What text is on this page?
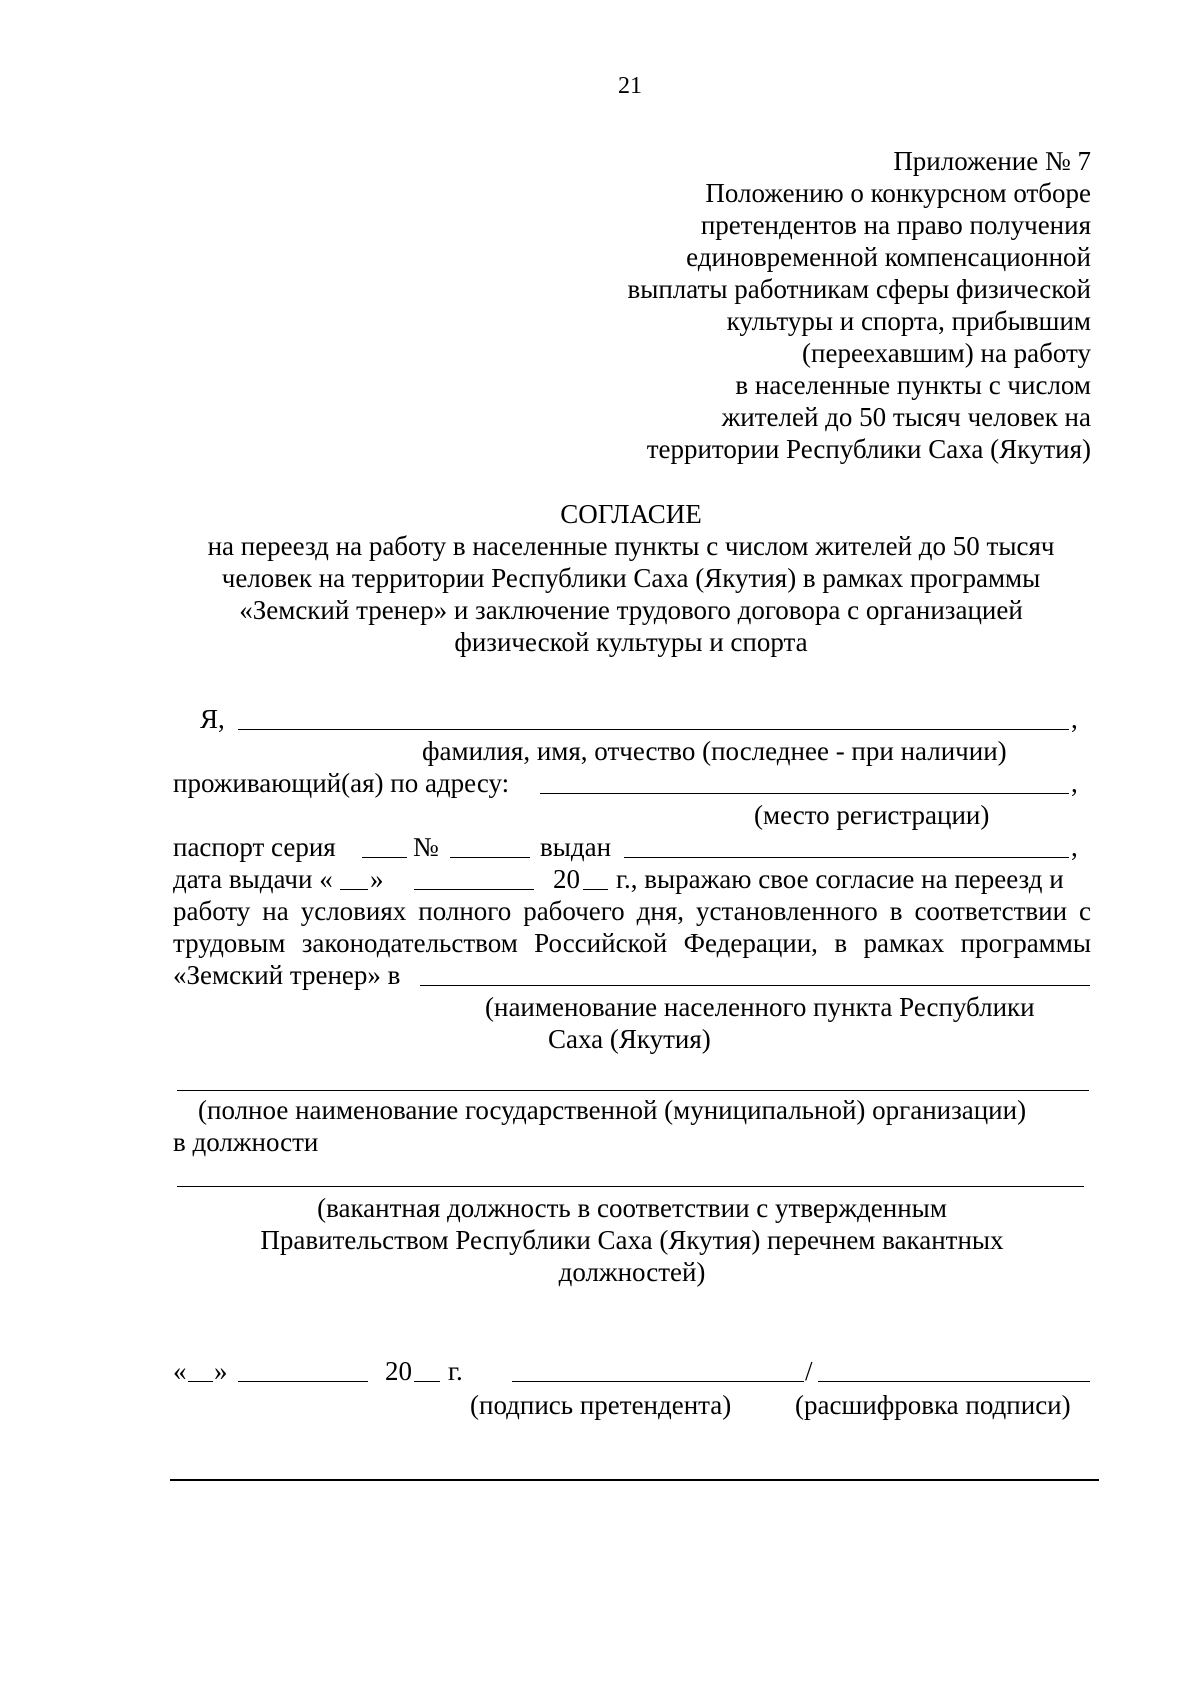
21
Приложение № 7
Положению о конкурсном отборе
претендентов на право получения
единовременной компенсационной
выплаты работникам сферы физической
культуры и спорта, прибывшим
(переехавшим) на работу
в населенные пункты с числом
жителей до 50 тысяч человек на
территории Республики Саха (Якутия)
СОГЛАСИЕ
на переезд на работу в населенные пункты с числом жителей до 50 тысяч
человек на территории Республики Саха (Якутия) в рамках программы
«Земский тренер» и заключение трудового договора с организацией
физической культуры и спорта
Я,	,
фамилия, имя, отчество (последнее - при наличии)
проживающий(ая) по адресу:	,
(место регистрации)
паспорт серия	№	выдан	,
дата выдачи « »	20 г., выражаю свое согласие на переезд и
работу на условиях полного рабочего дня, установленного в соответствии с
трудовым законодательством Российской Федерации, в рамках программы
«Земский тренер» в
(наименование населенного пункта Республики
Саха (Якутия)
(полное наименование государственной (муниципальной) организации)
в должности
(вакантная должность в соответствии с утвержденным
Правительством Республики Саха (Якутия) перечнем вакантных
должностей)
« »	20 г.	/
(подпись претендента) (расшифровка подписи)
